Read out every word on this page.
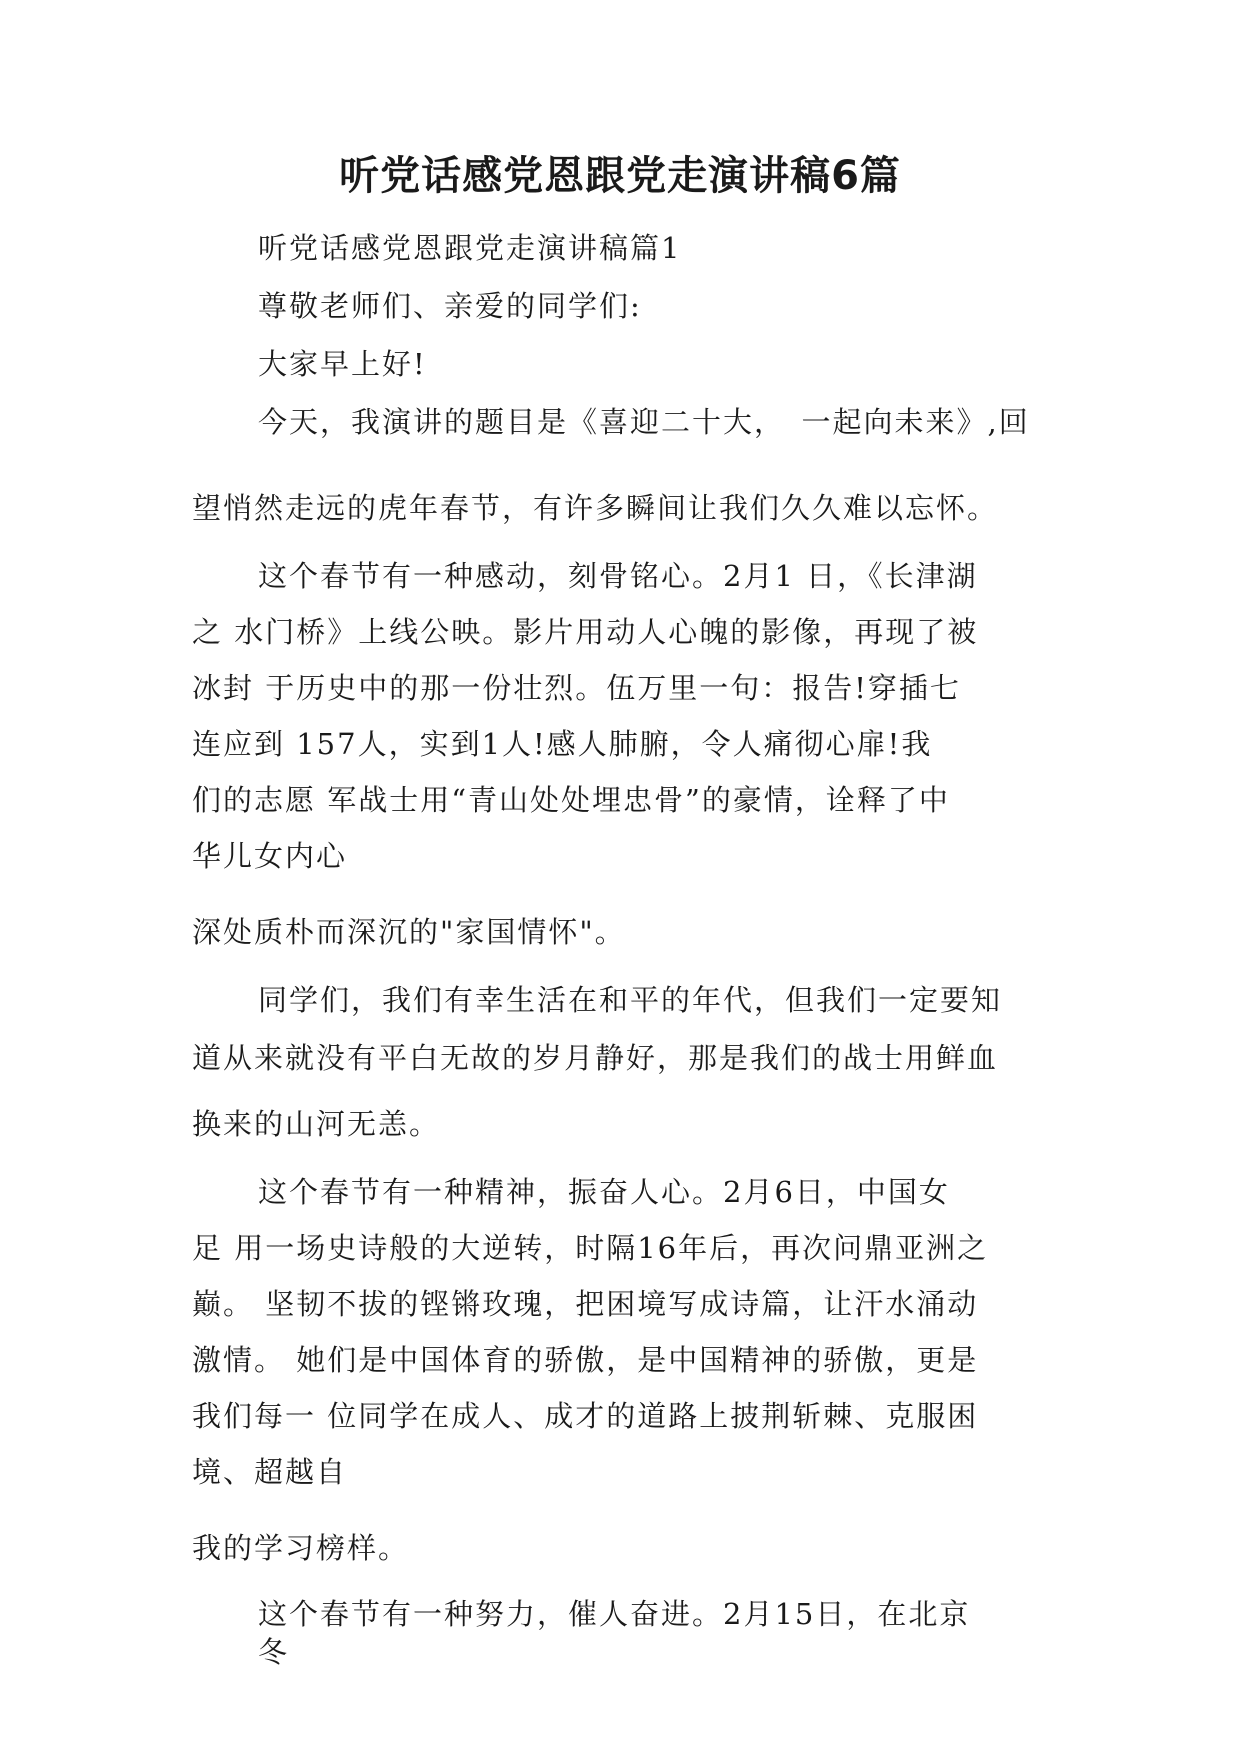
听党话感党恩跟党走演讲稿6篇
听党话感党恩跟党走演讲稿篇1
尊敬老师们、亲爱的同学们:
大家早上好!
今天，我演讲的题目是《喜迎二十大，　一起向未来》,回
望悄然走远的虎年春节，有许多瞬间让我们久久难以忘怀。
这个春节有一种感动，刻骨铭心。2月1 日，《长津湖
之 水门桥》上线公映。影片用动人心魄的影像，再现了被
冰封 于历史中的那一份壮烈。伍万里一句：报告!穿插七
连应到 157人，实到1人!感人肺腑，令人痛彻心扉!我
们的志愿 军战士用“青山处处埋忠骨”的豪情，诠释了中
华儿女内心
深处质朴而深沉的"家国情怀"。
同学们，我们有幸生活在和平的年代，但我们一定要知
道从来就没有平白无故的岁月静好，那是我们的战士用鲜血
换来的山河无恙。
这个春节有一种精神，振奋人心。2月6日，中国女
足 用一场史诗般的大逆转，时隔16年后，再次问鼎亚洲之
巅。 坚韧不拔的铿锵玫瑰，把困境写成诗篇，让汗水涌动
激情。 她们是中国体育的骄傲，是中国精神的骄傲，更是
我们每一 位同学在成人、成才的道路上披荆斩棘、克服困
境、超越自
我的学习榜样。
这个春节有一种努力，催人奋进。2月15日，在北京
冬
